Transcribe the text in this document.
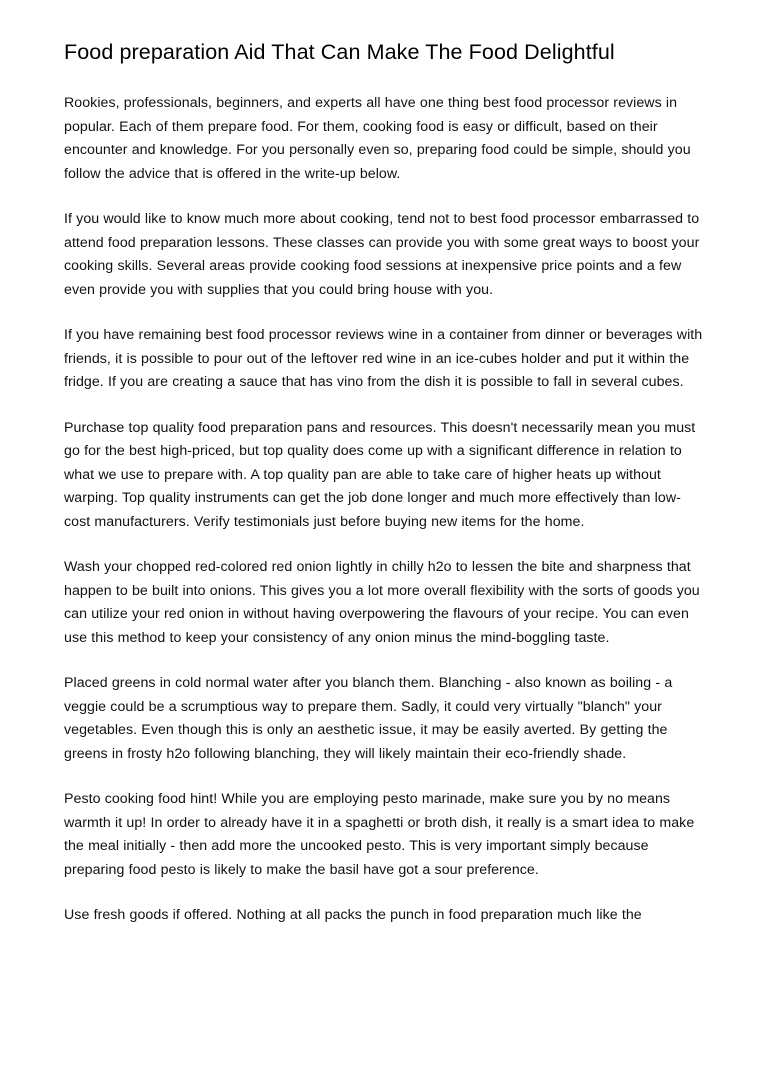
Food preparation Aid That Can Make The Food Delightful

Rookies, professionals, beginners, and experts all have one thing best food processor reviews in popular. Each of them prepare food. For them, cooking food is easy or difficult, based on their encounter and knowledge. For you personally even so, preparing food could be simple, should you follow the advice that is offered in the write-up below.

If you would like to know much more about cooking, tend not to best food processor embarrassed to attend food preparation lessons. These classes can provide you with some great ways to boost your cooking skills. Several areas provide cooking food sessions at inexpensive price points and a few even provide you with supplies that you could bring house with you.

If you have remaining best food processor reviews wine in a container from dinner or beverages with friends, it is possible to pour out of the leftover red wine in an ice-cubes holder and put it within the fridge. If you are creating a sauce that has vino from the dish it is possible to fall in several cubes.

Purchase top quality food preparation pans and resources. This doesn't necessarily mean you must go for the best high-priced, but top quality does come up with a significant difference in relation to what we use to prepare with. A top quality pan are able to take care of higher heats up without warping. Top quality instruments can get the job done longer and much more effectively than low-cost manufacturers. Verify testimonials just before buying new items for the home.

Wash your chopped red-colored red onion lightly in chilly h2o to lessen the bite and sharpness that happen to be built into onions. This gives you a lot more overall flexibility with the sorts of goods you can utilize your red onion in without having overpowering the flavours of your recipe. You can even use this method to keep your consistency of any onion minus the mind-boggling taste.

Placed greens in cold normal water after you blanch them. Blanching - also known as boiling - a veggie could be a scrumptious way to prepare them. Sadly, it could very virtually "blanch" your vegetables. Even though this is only an aesthetic issue, it may be easily averted. By getting the greens in frosty h2o following blanching, they will likely maintain their eco-friendly shade.

Pesto cooking food hint! While you are employing pesto marinade, make sure you by no means warmth it up! In order to already have it in a spaghetti or broth dish, it really is a smart idea to make the meal initially - then add more the uncooked pesto. This is very important simply because preparing food pesto is likely to make the basil have got a sour preference.

Use fresh goods if offered. Nothing at all packs the punch in food preparation much like the
